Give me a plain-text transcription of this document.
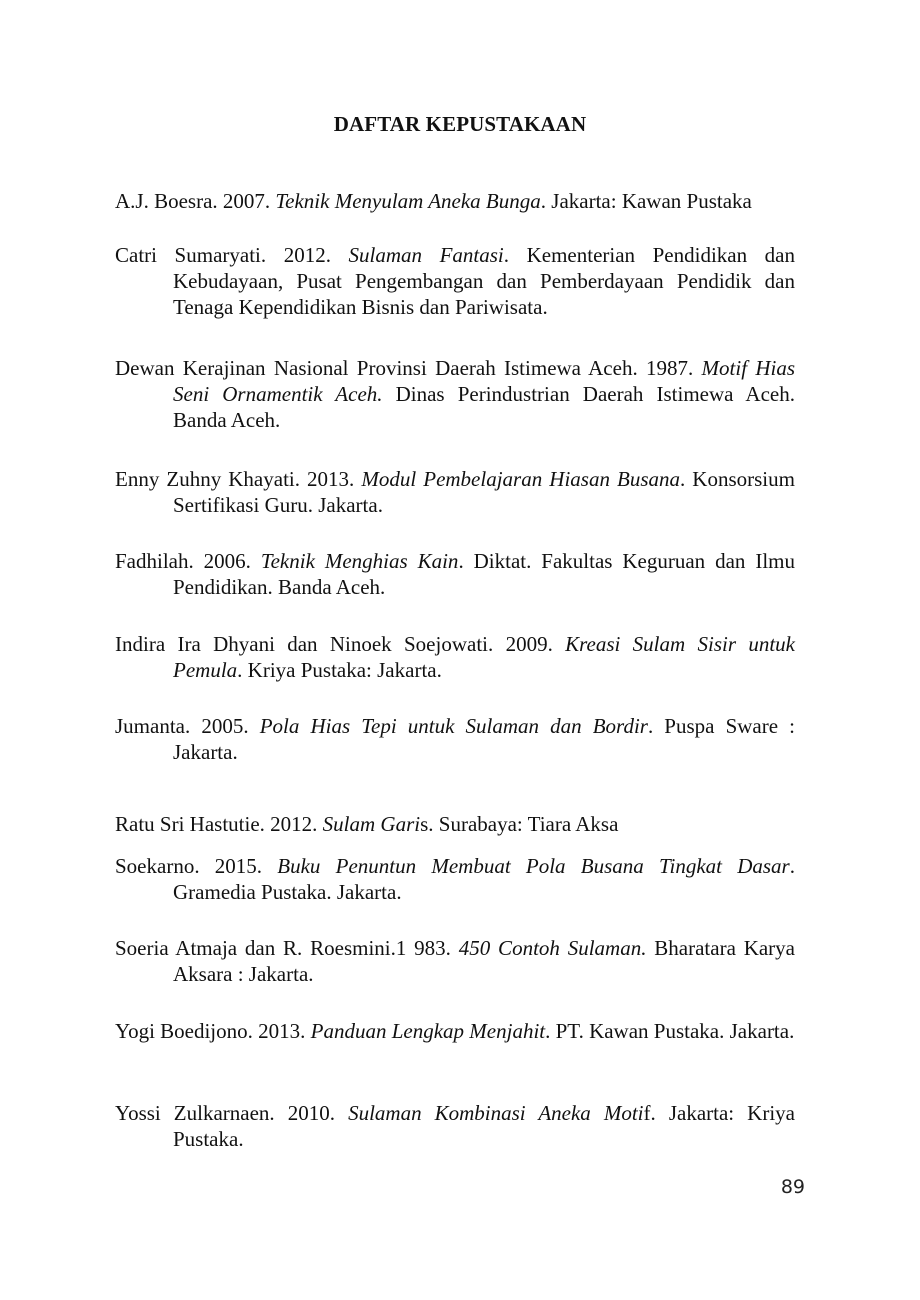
DAFTAR KEPUSTAKAAN
A.J. Boesra. 2007. Teknik Menyulam Aneka Bunga. Jakarta: Kawan Pustaka
Catri Sumaryati. 2012. Sulaman Fantasi. Kementerian Pendidikan dan Kebudayaan, Pusat Pengembangan dan Pemberdayaan Pendidik dan Tenaga Kependidikan Bisnis dan Pariwisata.
Dewan Kerajinan Nasional Provinsi Daerah Istimewa Aceh. 1987. Motif Hias Seni Ornamentik Aceh. Dinas Perindustrian Daerah Istimewa Aceh. Banda Aceh.
Enny Zuhny Khayati. 2013. Modul Pembelajaran Hiasan Busana. Konsorsium Sertifikasi Guru. Jakarta.
Fadhilah. 2006. Teknik Menghias Kain. Diktat. Fakultas Keguruan dan Ilmu Pendidikan. Banda Aceh.
Indira Ira Dhyani dan Ninoek Soejowati. 2009. Kreasi Sulam Sisir untuk Pemula. Kriya Pustaka: Jakarta.
Jumanta. 2005. Pola Hias Tepi untuk Sulaman dan Bordir. Puspa Sware : Jakarta.
Ratu Sri Hastutie. 2012. Sulam Garis. Surabaya: Tiara Aksa
Soekarno. 2015. Buku Penuntun Membuat Pola Busana Tingkat Dasar. Gramedia Pustaka. Jakarta.
Soeria Atmaja dan R. Roesmini.1 983. 450 Contoh Sulaman. Bharatara Karya Aksara : Jakarta.
Yogi Boedijono. 2013. Panduan Lengkap Menjahit. PT. Kawan Pustaka. Jakarta.
Yossi Zulkarnaen. 2010. Sulaman Kombinasi Aneka Motif. Jakarta: Kriya Pustaka.
89
